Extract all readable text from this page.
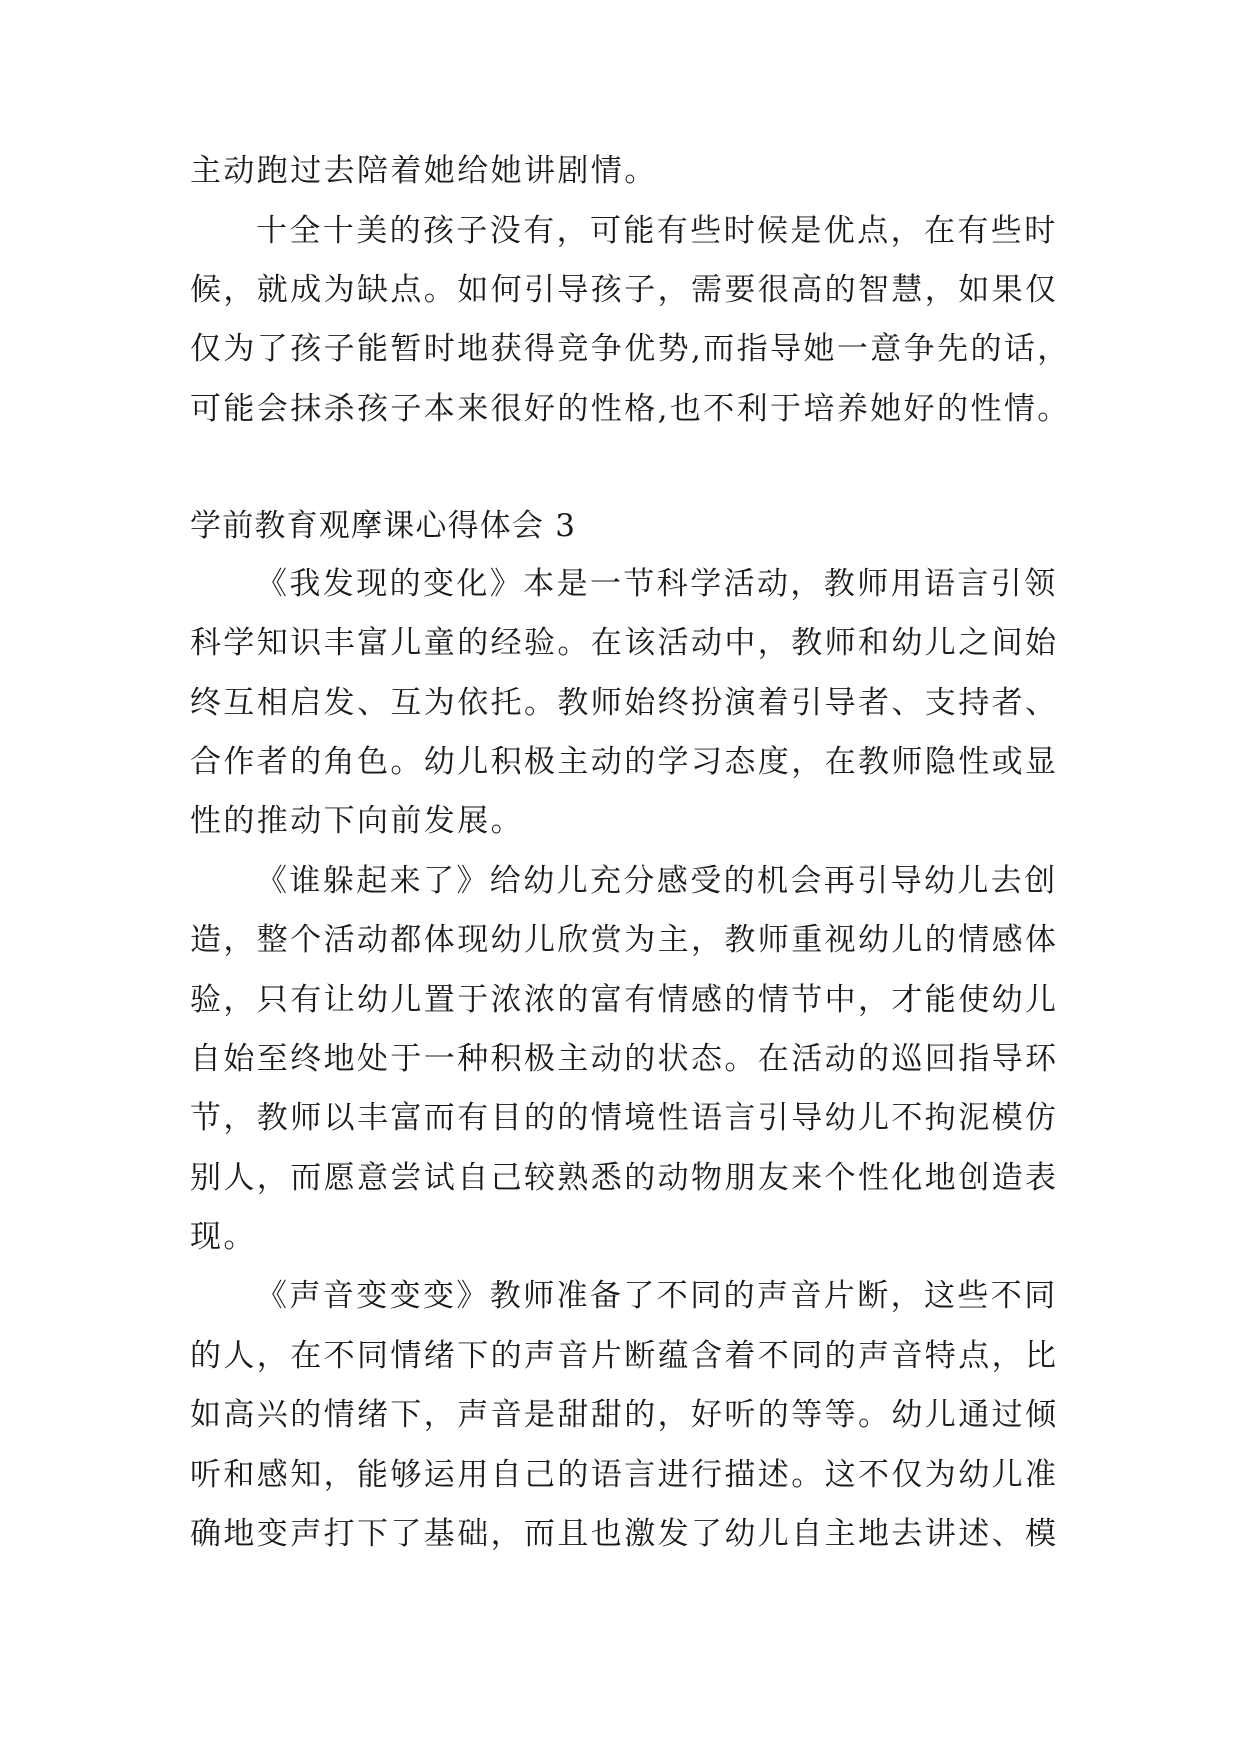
主动跑过去陪着她给她讲剧情。
十全十美的孩子没有，可能有些时候是优点，在有些时
候，就成为缺点。如何引导孩子，需要很高的智慧，如果仅
仅为了孩子能暂时地获得竞争优势,而指导她一意争先的话，
可能会抹杀孩子本来很好的性格,也不利于培养她好的性情。
学前教育观摩课心得体会 3
《我发现的变化》本是一节科学活动，教师用语言引领
科学知识丰富儿童的经验。在该活动中，教师和幼儿之间始
终互相启发、互为依托。教师始终扮演着引导者、支持者、
合作者的角色。幼儿积极主动的学习态度，在教师隐性或显
性的推动下向前发展。
《谁躲起来了》给幼儿充分感受的机会再引导幼儿去创
造，整个活动都体现幼儿欣赏为主，教师重视幼儿的情感体
验，只有让幼儿置于浓浓的富有情感的情节中，才能使幼儿
自始至终地处于一种积极主动的状态。在活动的巡回指导环
节，教师以丰富而有目的的情境性语言引导幼儿不拘泥模仿
别人，而愿意尝试自己较熟悉的动物朋友来个性化地创造表
现。
《声音变变变》教师准备了不同的声音片断，这些不同
的人，在不同情绪下的声音片断蕴含着不同的声音特点，比
如高兴的情绪下，声音是甜甜的，好听的等等。幼儿通过倾
听和感知，能够运用自己的语言进行描述。这不仅为幼儿准
确地变声打下了基础，而且也激发了幼儿自主地去讲述、模
